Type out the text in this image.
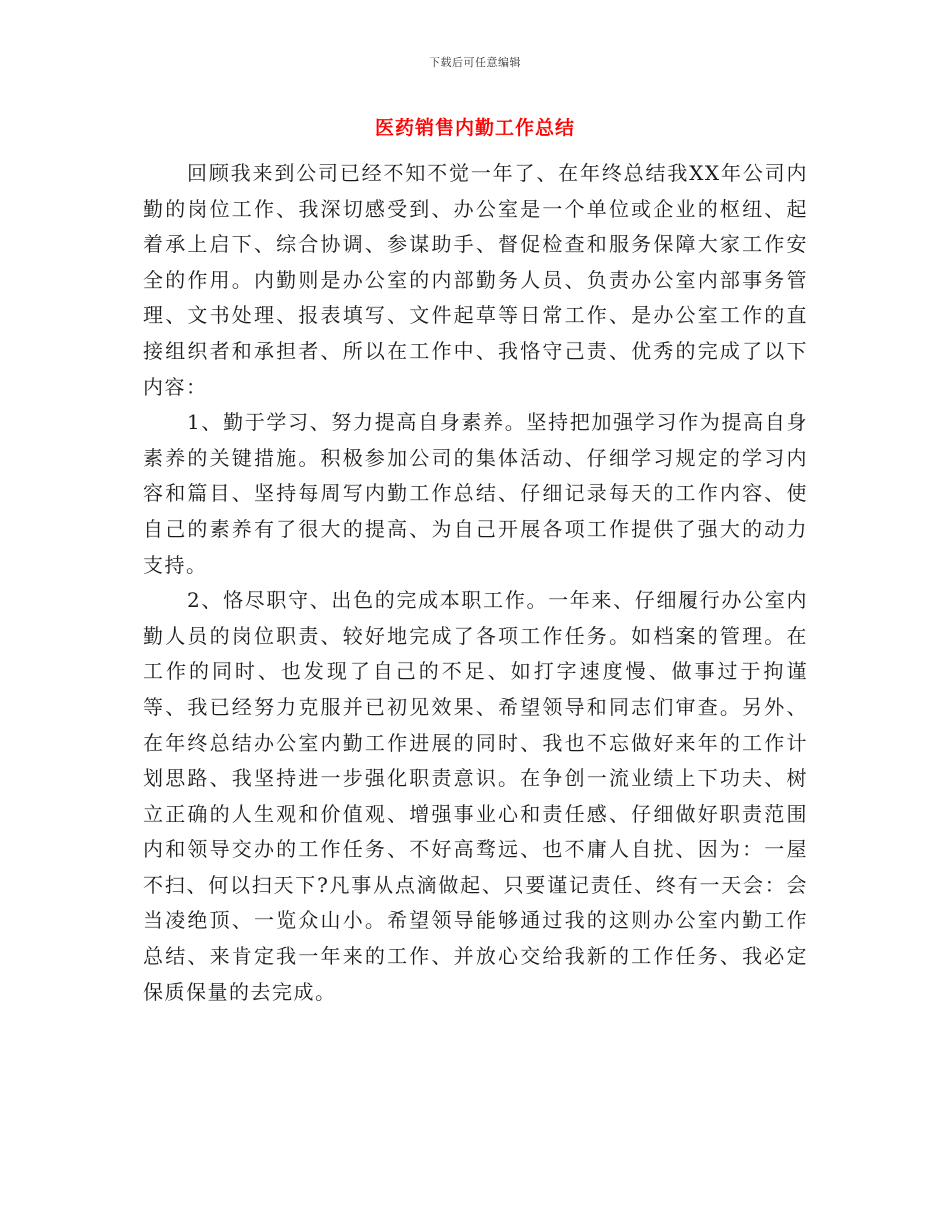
下载后可任意编辑
医药销售内勤工作总结

回顾我来到公司已经不知不觉一年了、在年终总结我XX年公司内勤的岗位工作、我深切感受到、办公室是一个单位或企业的枢纽、起着承上启下、综合协调、参谋助手、督促检查和服务保障大家工作安全的作用。内勤则是办公室的内部勤务人员、负责办公室内部事务管理、文书处理、报表填写、文件起草等日常工作、是办公室工作的直接组织者和承担者、所以在工作中、我恪守己责、优秀的完成了以下内容：

1、勤于学习、努力提高自身素养。坚持把加强学习作为提高自身素养的关键措施。积极参加公司的集体活动、仔细学习规定的学习内容和篇目、坚持每周写内勤工作总结、仔细记录每天的工作内容、使自己的素养有了很大的提高、为自己开展各项工作提供了强大的动力支持。

2、恪尽职守、出色的完成本职工作。一年来、仔细履行办公室内勤人员的岗位职责、较好地完成了各项工作任务。如档案的管理。在工作的同时、也发现了自己的不足、如打字速度慢、做事过于拘谨等、我已经努力克服并已初见效果、希望领导和同志们审查。另外、在年终总结办公室内勤工作进展的同时、我也不忘做好来年的工作计划思路、我坚持进一步强化职责意识。在争创一流业绩上下功夫、树立正确的人生观和价值观、增强事业心和责任感、仔细做好职责范围内和领导交办的工作任务、不好高骛远、也不庸人自扰、因为：一屋不扫、何以扫天下?凡事从点滴做起、只要谨记责任、终有一天会：会当凌绝顶、一览众山小。希望领导能够通过我的这则办公室内勤工作总结、来肯定我一年来的工作、并放心交给我新的工作任务、我必定保质保量的去完成。
